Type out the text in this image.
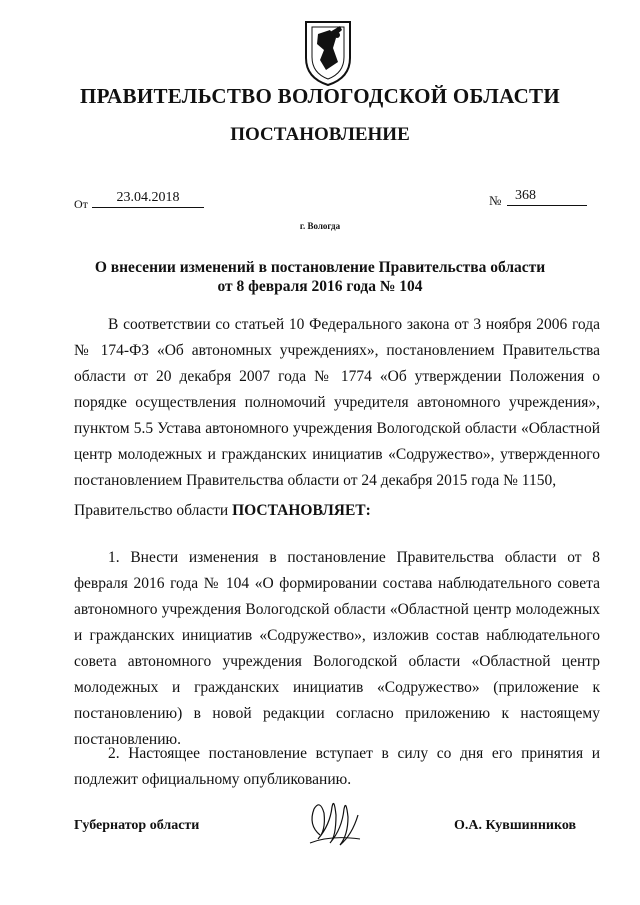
ПРАВИТЕЛЬСТВО ВОЛОГОДСКОЙ ОБЛАСТИ
ПОСТАНОВЛЕНИЕ
От	23.04.2018	№ 368
г. Вологда
О внесении изменений в постановление Правительства области
от 8 февраля 2016 года № 104
В соответствии со статьей 10 Федерального закона от 3 ноября 2006 года № 174-ФЗ «Об автономных учреждениях», постановлением Правительства области от 20 декабря 2007 года № 1774 «Об утверждении Положения о порядке осуществления полномочий учредителя автономного учреждения», пунктом 5.5 Устава автономного учреждения Вологодской области «Областной центр молодежных и гражданских инициатив «Содружество», утвержденного постановлением Правительства области от 24 декабря 2015 года № 1150,
Правительство области ПОСТАНОВЛЯЕТ:
1. Внести изменения в постановление Правительства области от 8 февраля 2016 года № 104 «О формировании состава наблюдательного совета автономного учреждения Вологодской области «Областной центр молодежных и гражданских инициатив «Содружество», изложив состав наблюдательного совета автономного учреждения Вологодской области «Областной центр молодежных и гражданских инициатив «Содружество» (приложение к постановлению) в новой редакции согласно приложению к настоящему постановлению.
2. Настоящее постановление вступает в силу со дня его принятия и подлежит официальному опубликованию.
Губернатор области	О.А. Кувшинников
